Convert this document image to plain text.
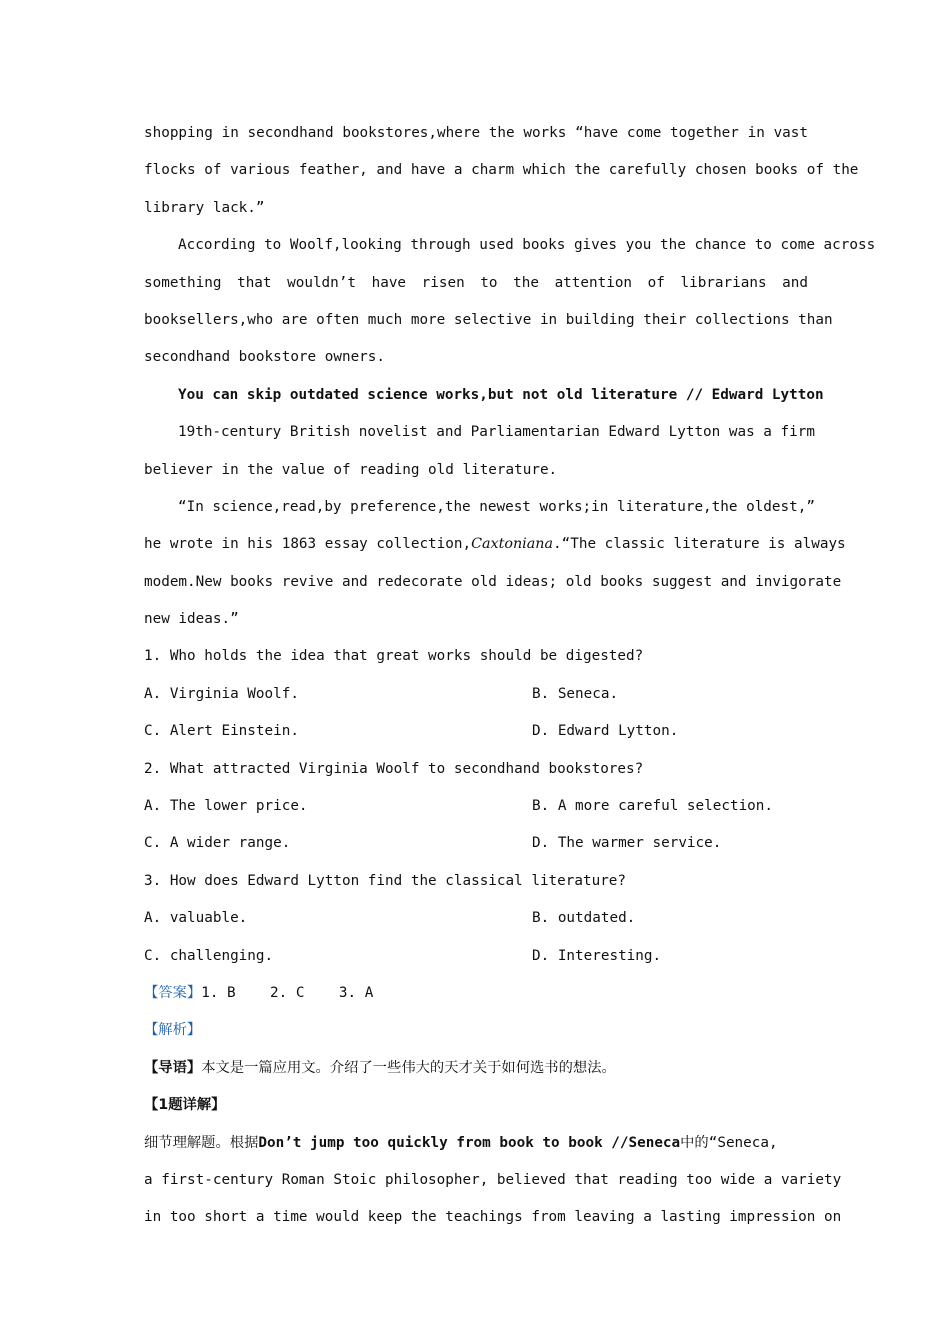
shopping in secondhand bookstores,where the works “have come together in vast
flocks of various feather, and have a charm which the carefully chosen books of the
library lack.”
According to Woolf,looking through used books gives you the chance to come across
something that wouldn’t have risen to the attention of librarians and
booksellers,who are often much more selective in building their collections than
secondhand bookstore owners.
You can skip outdated science works,but not old literature // Edward Lytton
19th-century British novelist and Parliamentarian Edward Lytton was a firm
believer in the value of reading old literature.
“In science,read,by preference,the newest works;in literature,the oldest,”
he wrote in his 1863 essay collection,Caxtoniana.“The classic literature is always
modem.New books revive and redecorate old ideas; old books suggest and invigorate
new ideas.”
1. Who holds the idea that great works should be digested?
A. Virginia Woolf.	B. Seneca.
C. Alert Einstein.	D. Edward Lytton.
2. What attracted Virginia Woolf to secondhand bookstores?
A. The lower price.	B. A more careful selection.
C. A wider range.	D. The warmer service.
3. How does Edward Lytton find the classical literature?
A. valuable.	B. outdated.
C. challenging.	D. Interesting.
【答案】1. B    2. C    3. A
【解析】
【导语】本文是一篇应用文。介绍了一些伟大的天才关于如何选书的想法。
【1题详解】
细节理解题。根据Don’t jump too quickly from book to book //Seneca中的“Seneca,
a first-century Roman Stoic philosopher, believed that reading too wide a variety
in too short a time would keep the teachings from leaving a lasting impression on
